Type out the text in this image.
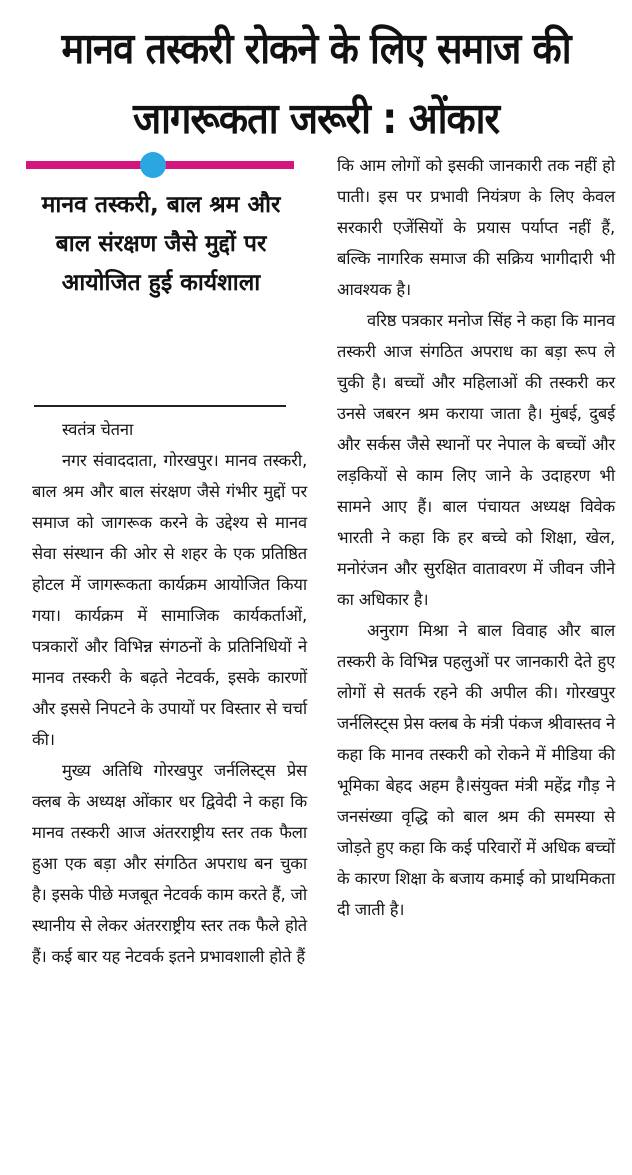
मानव तस्करी रोकने के लिए समाज की
जागरूकता जरूरी : ओंकार
मानव तस्करी, बाल श्रम और बाल संरक्षण जैसे मुद्दों पर आयोजित हुई कार्यशाला

स्वतंत्र चेतना

नगर संवाददाता, गोरखपुर। मानव तस्करी, बाल श्रम और बाल संरक्षण जैसे गंभीर मुद्दों पर समाज को जागरूक करने के उद्देश्य से मानव सेवा संस्थान की ओर से शहर के एक प्रतिष्ठित होटल में जागरूकता कार्यक्रम आयोजित किया गया। कार्यक्रम में सामाजिक कार्यकर्ताओं, पत्रकारों और विभिन्न संगठनों के प्रतिनिधियों ने मानव तस्करी के बढ़ते नेटवर्क, इसके कारणों और इससे निपटने के उपायों पर विस्तार से चर्चा की।

मुख्य अतिथि गोरखपुर जर्नलिस्ट्स प्रेस क्लब के अध्यक्ष ओंकार धर द्विवेदी ने कहा कि मानव तस्करी आज अंतरराष्ट्रीय स्तर तक फैला हुआ एक बड़ा और संगठित अपराध बन चुका है। इसके पीछे मजबूत नेटवर्क काम करते हैं, जो स्थानीय से लेकर अंतरराष्ट्रीय स्तर तक फैले होते हैं। कई बार यह नेटवर्क इतने प्रभावशाली होते हैं

कि आम लोगों को इसकी जानकारी तक नहीं हो पाती। इस पर प्रभावी नियंत्रण के लिए केवल सरकारी एजेंसियों के प्रयास पर्याप्त नहीं हैं, बल्कि नागरिक समाज की सक्रिय भागीदारी भी आवश्यक है।

वरिष्ठ पत्रकार मनोज सिंह ने कहा कि मानव तस्करी आज संगठित अपराध का बड़ा रूप ले चुकी है। बच्चों और महिलाओं की तस्करी कर उनसे जबरन श्रम कराया जाता है। मुंबई, दुबई और सर्कस जैसे स्थानों पर नेपाल के बच्चों और लड़कियों से काम लिए जाने के उदाहरण भी सामने आए हैं। बाल पंचायत अध्यक्ष विवेक भारती ने कहा कि हर बच्चे को शिक्षा, खेल, मनोरंजन और सुरक्षित वातावरण में जीवन जीने का अधिकार है।

अनुराग मिश्रा ने बाल विवाह और बाल तस्करी के विभिन्न पहलुओं पर जानकारी देते हुए लोगों से सतर्क रहने की अपील की। गोरखपुर जर्नलिस्ट्स प्रेस क्लब के मंत्री पंकज श्रीवास्तव ने कहा कि मानव तस्करी को रोकने में मीडिया की भूमिका बेहद अहम है।संयुक्त मंत्री महेंद्र गौड़ ने जनसंख्या वृद्धि को बाल श्रम की समस्या से जोड़ते हुए कहा कि कई परिवारों में अधिक बच्चों के कारण शिक्षा के बजाय कमाई को प्राथमिकता दी जाती है।
